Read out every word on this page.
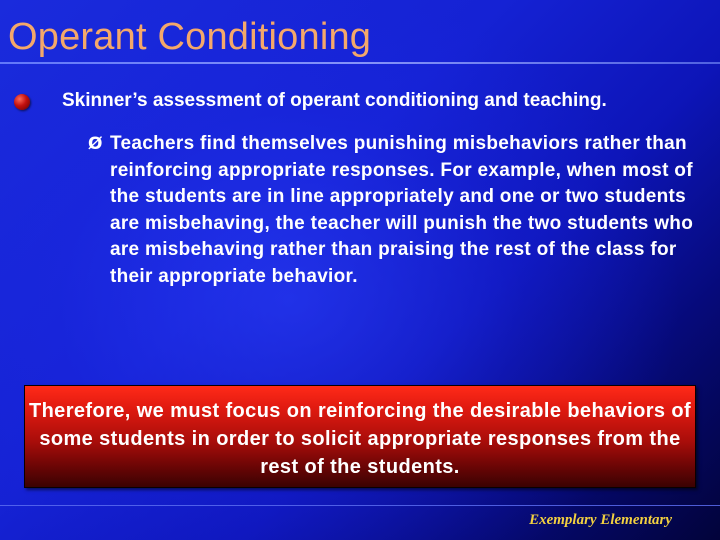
Operant Conditioning

Skinner’s assessment of operant conditioning and teaching.

Ø Teachers find themselves punishing misbehaviors rather than reinforcing appropriate responses. For example, when most of the students are in line appropriately and one or two students are misbehaving, the teacher will punish the two students who are misbehaving rather than praising the rest of the class for their appropriate behavior.

Therefore, we must focus on reinforcing the desirable behaviors of some students in order to solicit appropriate responses from the rest of the students.

Exemplary Elementary
